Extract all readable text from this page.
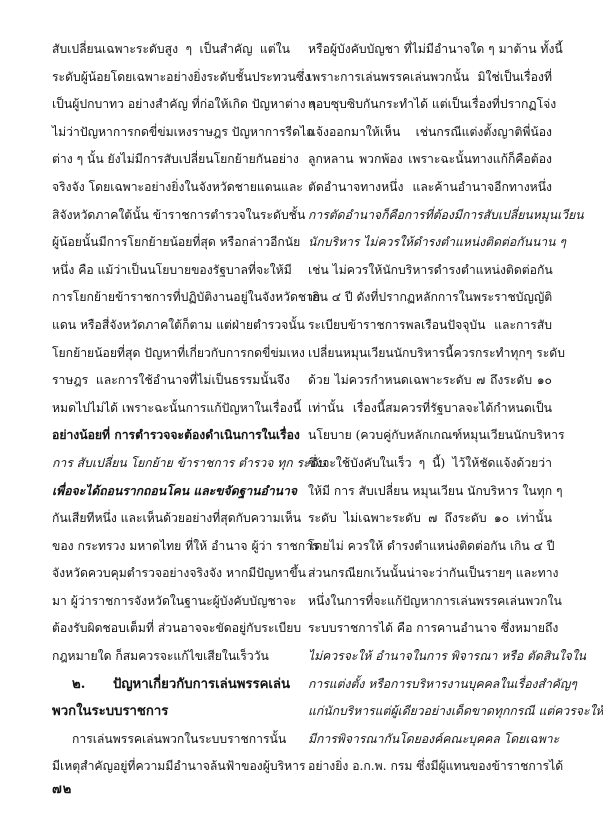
สับเปลี่ยนเฉพาะระดับสูง ๆ เป็นสำคัญ แต่ใน
ระดับผู้น้อยโดยเฉพาะอย่างยิ่งระดับชั้นประทวนซึ่ง
เป็นผู้ปกบาทว อย่างสำคัญ ที่ก่อให้เกิด ปัญหาต่าง ๆ
ไม่ว่าปัญหาการกดขี่ข่มเหงราษฎร ปัญหาการรีดไถ
ต่าง ๆ นั้น ยังไม่มีการสับเปลี่ยนโยกย้ายกันอย่าง
จริงจัง โดยเฉพาะอย่างยิ่งในจังหวัดชายแดนและ
สิจังหวัดภาคใต้นั้น ข้าราชการตำรวจในระดับชั้น
ผู้น้อยนั้นมีการโยกย้ายน้อยที่สุด หรือกล่าวอีกนัย
หนึ่ง คือ แม้ว่าเป็นนโยบายของรัฐบาลที่จะให้มี
การโยกย้ายข้าราชการที่ปฏิบัติงานอยู่ในจังหวัดชาย
แดน หรือสี่จังหวัดภาคใต้ก็ตาม แต่ฝ่ายตำรวจนั้น
โยกย้ายน้อยที่สุด ปัญหาที่เกี่ยวกับการกดขี่ข่มเหง
ราษฎร และการใช้อำนาจที่ไม่เป็นธรรมนั้นจึง
หมดไปไม่ได้ เพราะฉะนั้นการแก้ปัญหาในเรื่องนี้
อย่างน้อยที่ การตำรวจจะต้องดำเนินการในเรื่อง
การ สับเปลี่ยน โยกย้าย ข้าราชการ ตำรวจ ทุก ระดับ
เพื่อจะได้ถอนรากถอนโคน และขจัดฐานอำนาจ
กันเสียทีหนึ่ง และเห็นด้วยอย่างที่สุดกับความเห็น
ของ กระทรวง มหาดไทย ที่ให้ อำนาจ ผู้ว่า ราชการ
จังหวัดควบคุมตำรวจอย่างจริงจัง หากมีปัญหาขึ้น
มา ผู้ว่าราชการจังหวัดในฐานะผู้บังคับบัญชาจะ
ต้องรับผิดชอบเต็มที่ ส่วนอาจจะขัดอยู่กับระเบียบ
กฎหมายใด ก็สมควรจะแก้ไขเสียในเร็ววัน
๒. ปัญหาเกี่ยวกับการเล่นพรรคเล่น
พวกในระบบราชการ
การเล่นพรรคเล่นพวกในระบบราชการนั้น
มีเหตุสำคัญอยู่ที่ความมีอำนาจล้นฟ้าของผู้บริหาร
หรือผู้บังคับบัญชา ที่ไม่มีอำนาจใด ๆ มาต้าน ทั้งนี้
เพราะการเล่นพรรคเล่นพวกนั้น มิใช่เป็นเรื่องที่
แอบซุบซิบกันกระทำได้ แต่เป็นเรื่องที่ปรากฏโจ่ง
แจ้งออกมาให้เห็น เช่นกรณีแต่งตั้งญาติพี่น้อง
ลูกหลาน พวกพ้อง เพราะฉะนั้นทางแก้ก็คือต้อง
ตัดอำนาจทางหนึ่ง และค้านอำนาจอีกทางหนึ่ง
การตัดอำนาจก็คือการที่ต้องมีการสับเปลี่ยนหมุนเวียน
นักบริหาร ไม่ควรให้ดำรงตำแหน่งติดต่อกันนาน ๆ
เช่น ไม่ควรให้นักบริหารดำรงตำแหน่งติดต่อกัน
เกิน ๔ ปี ดังที่ปรากฏหลักการในพระราชบัญญัติ
ระเบียบข้าราชการพลเรือนปัจจุบัน และการสับ
เปลี่ยนหมุนเวียนนักบริหารนี้ควรกระทำทุกๆ ระดับ
ด้วย ไม่ควรกำหนดเฉพาะระดับ ๗ ถึงระดับ ๑๐
เท่านั้น เรื่องนี้สมควรที่รัฐบาลจะได้กำหนดเป็น
นโยบาย (ควบคู่กับหลักเกณฑ์หมุนเวียนนักบริหาร
ซึ่งจะใช้บังคับในเร็ว ๆ นี้) ไว้ให้ชัดแจ้งด้วยว่า
ให้มี การ สับเปลี่ยน หมุนเวียน นักบริหาร ในทุก ๆ
ระดับ ไม่เฉพาะระดับ ๗ ถึงระดับ ๑๐ เท่านั้น
โดยไม่ ควรให้ ดำรงตำแหน่งติดต่อกัน เกิน ๔ ปี
ส่วนกรณียกเว้นนั้นน่าจะว่ากันเป็นรายๆ และทาง
หนึ่งในการที่จะแก้ปัญหาการเล่นพรรคเล่นพวกใน
ระบบราชการได้ คือ การคานอำนาจ ซึ่งหมายถึง
ไม่ควรจะให้ อำนาจในการ พิจารณา หรือ ตัดสินใจใน
การแต่งตั้ง หรือการบริหารงานบุคคลในเรื่องสำคัญๆ
แก่นักบริหารแต่ผู้เดียวอย่างเด็ดขาดทุกกรณี แต่ควรจะให้
มีการพิจารณากันโดยองค์คณะบุคคล โดยเฉพาะ
อย่างยิ่ง อ.ก.พ. กรม ซึ่งมีผู้แทนของข้าราชการได้
๗๒
